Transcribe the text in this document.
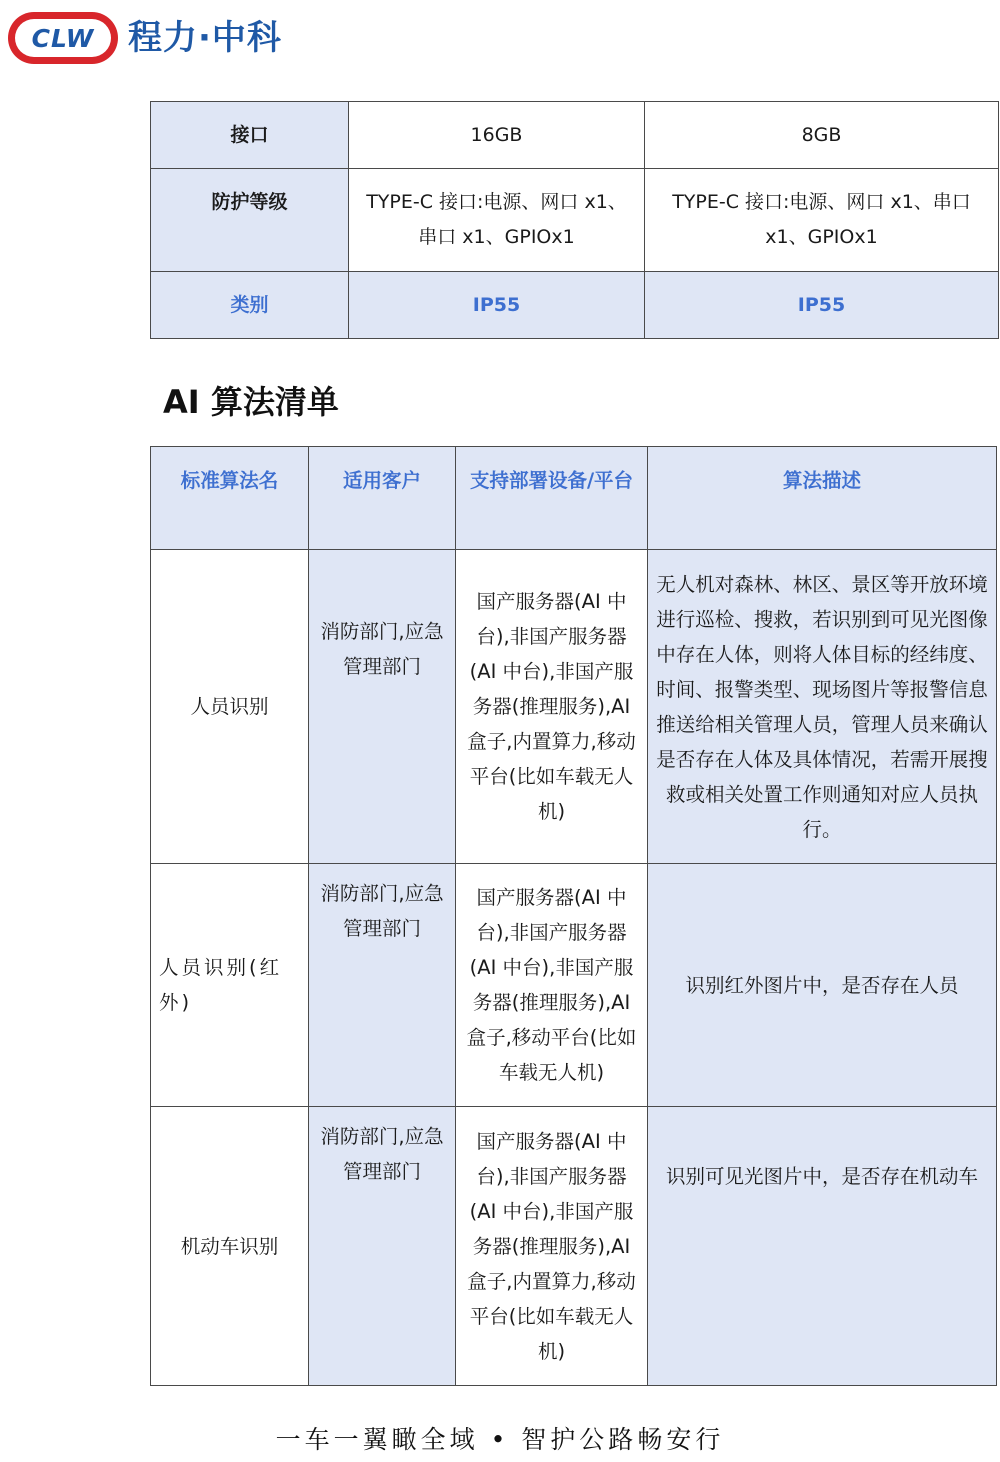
CLW 程力·中科
接口	16GB	8GB
防护等级	TYPE-C 接口:电源、网口 x1、串口 x1、GPIOx1	TYPE-C 接口:电源、网口 x1、串口 x1、GPIOx1
类别	IP55	IP55
AI 算法清单
标准算法名	适用客户	支持部署设备/平台	算法描述
人员识别	消防部门,应急管理部门	国产服务器(AI 中台),非国产服务器(AI 中台),非国产服务器(推理服务),AI 盒子,内置算力,移动平台(比如车载无人机)	无人机对森林、林区、景区等开放环境进行巡检、搜救，若识别到可见光图像中存在人体，则将人体目标的经纬度、时间、报警类型、现场图片等报警信息推送给相关管理人员，管理人员来确认是否存在人体及具体情况，若需开展搜救或相关处置工作则通知对应人员执行。
人员识别(红外)	消防部门,应急管理部门	国产服务器(AI 中台),非国产服务器(AI 中台),非国产服务器(推理服务),AI 盒子,移动平台(比如车载无人机)	识别红外图片中，是否存在人员
机动车识别	消防部门,应急管理部门	国产服务器(AI 中台),非国产服务器(AI 中台),非国产服务器(推理服务),AI 盒子,内置算力,移动平台(比如车载无人机)	识别可见光图片中，是否存在机动车
一车一翼瞰全域 • 智护公路畅安行
